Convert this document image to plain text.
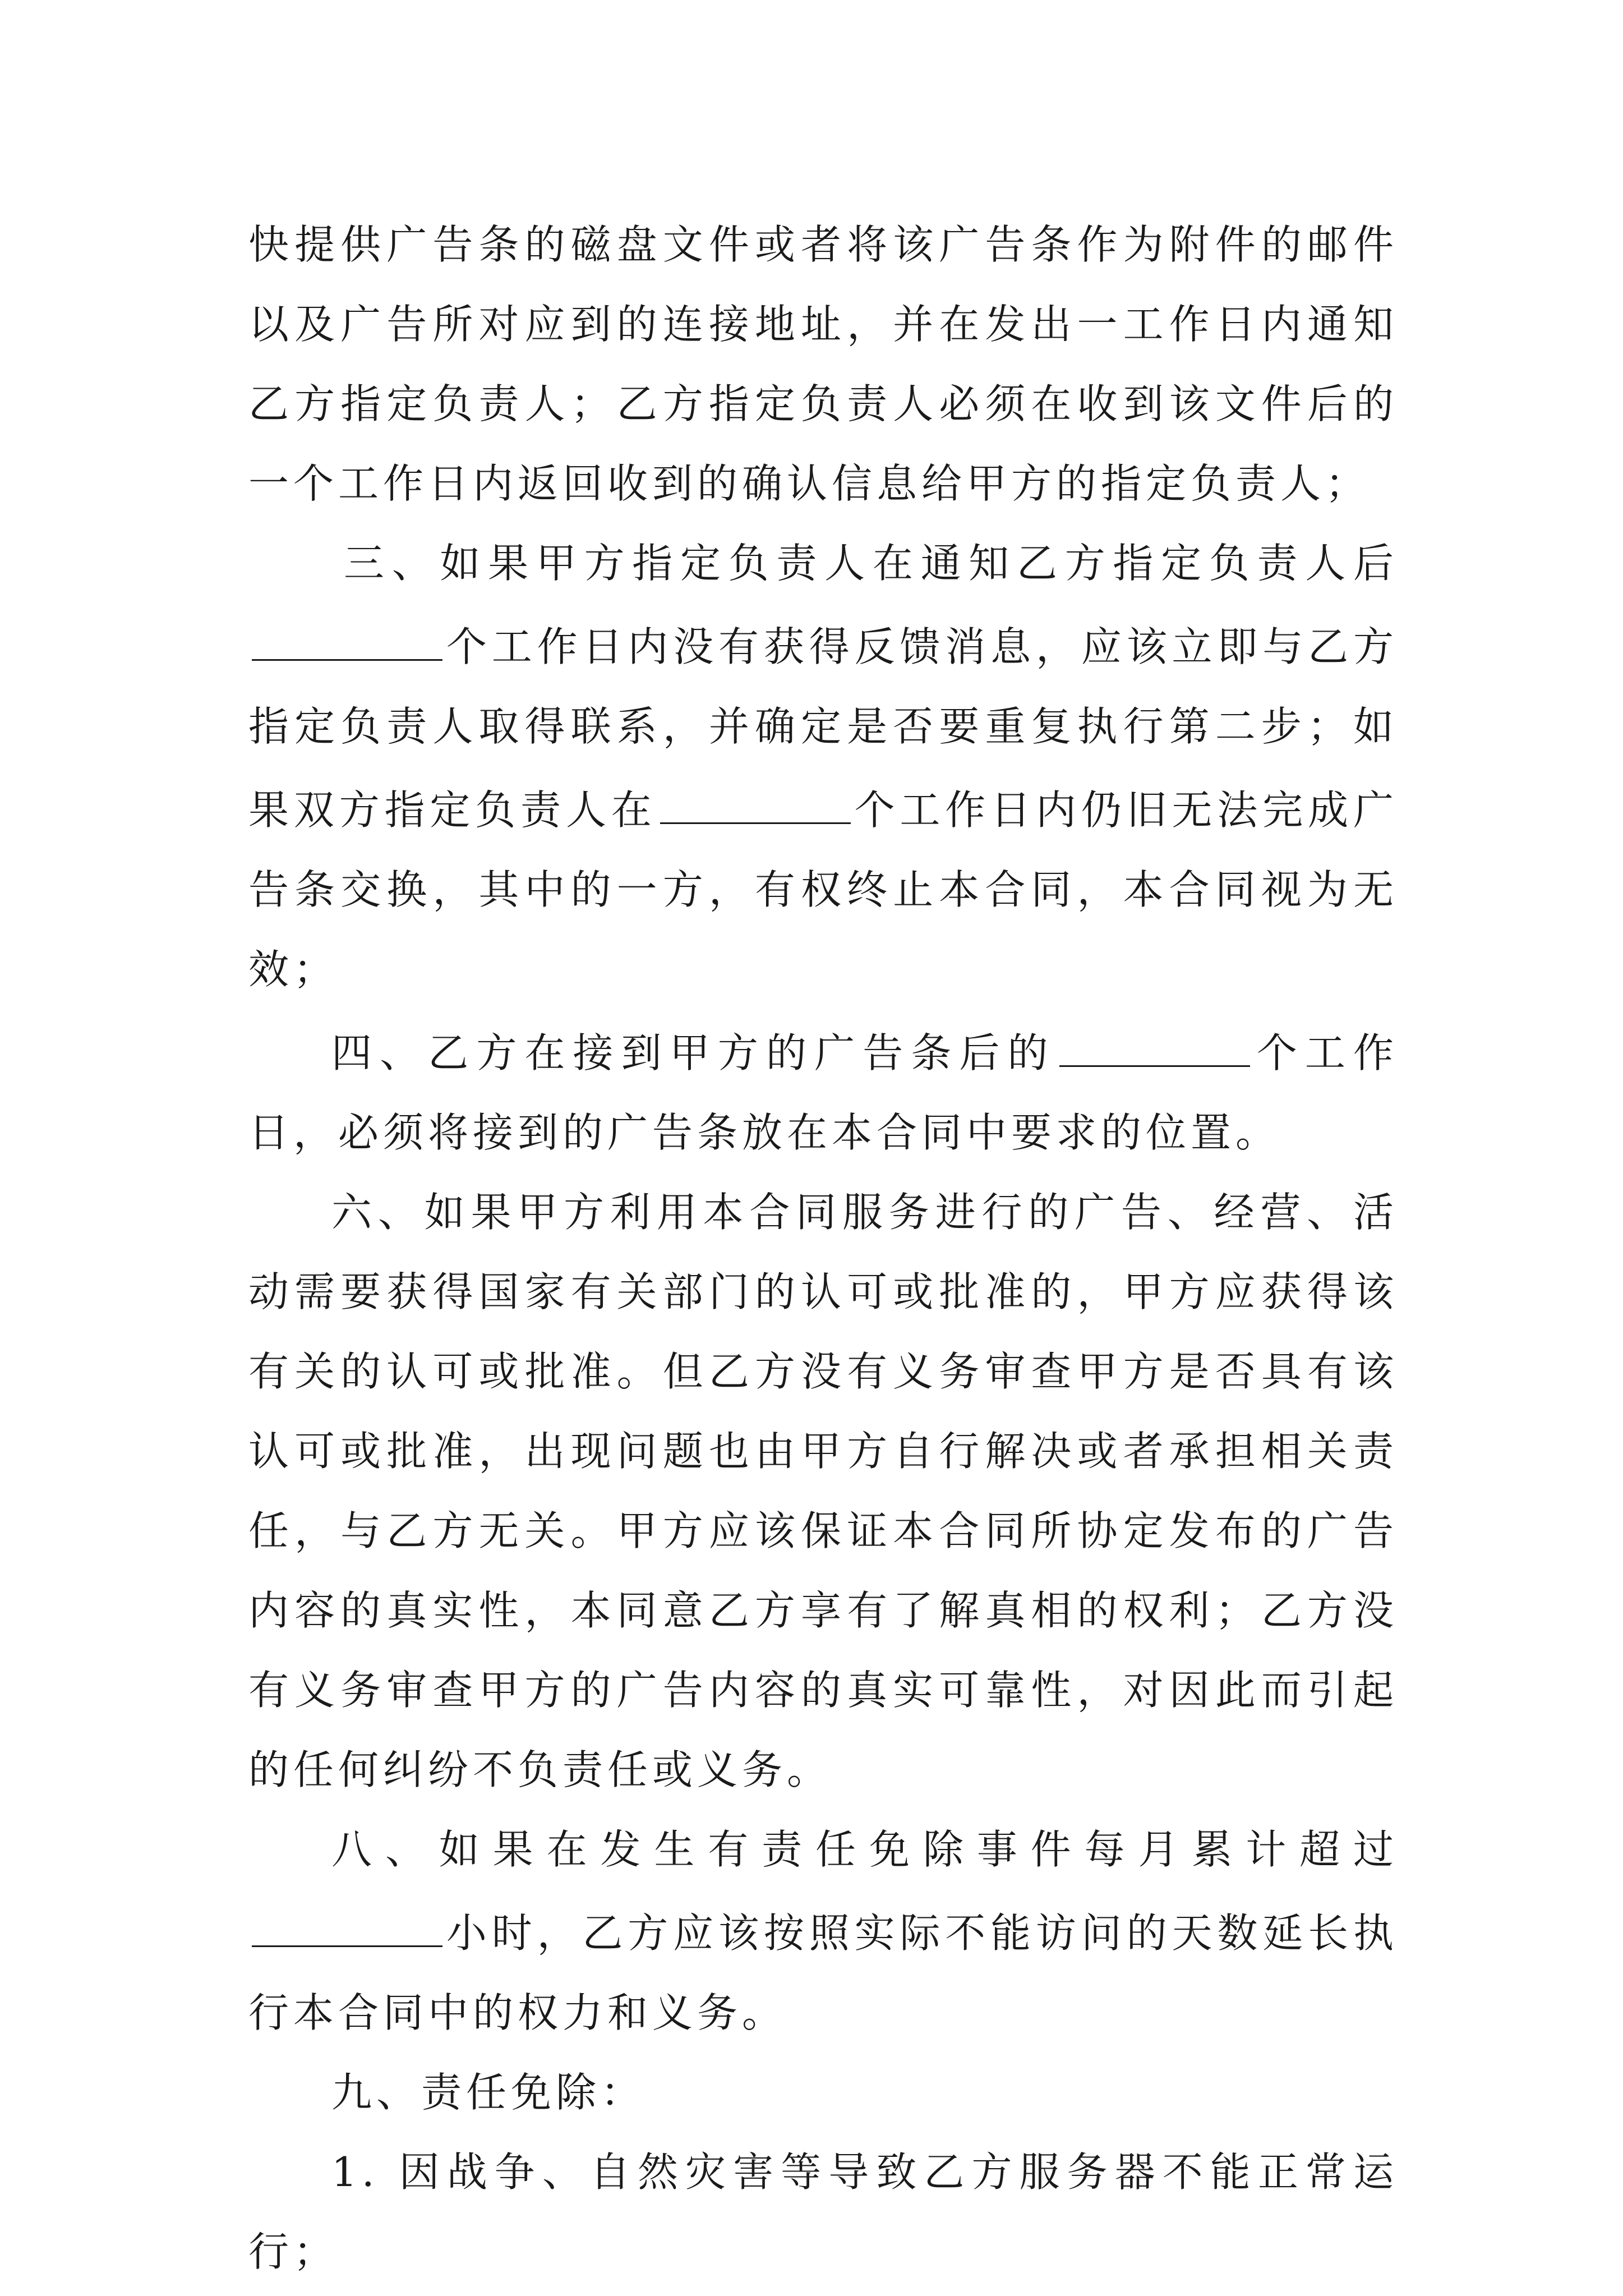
快提供广告条的磁盘文件或者将该广告条作为附件的邮件以及广告所对应到的连接地址，并在发出一工作日内通知乙方指定负责人；乙方指定负责人必须在收到该文件后的一个工作日内返回收到的确认信息给甲方的指定负责人；

三、如果甲方指定负责人在通知乙方指定负责人后个工作日内没有获得反馈消息，应该立即与乙方指定负责人取得联系，并确定是否要重复执行第二步；如果双方指定负责人在	个工作日内仍旧无法完成广告条交换，其中的一方，有权终止本合同，本合同视为无效；

四、乙方在接到甲方的广告条后的	个工作日，必须将接到的广告条放在本合同中要求的位置。

六、如果甲方利用本合同服务进行的广告、经营、活动需要获得国家有关部门的认可或批准的，甲方应获得该有关的认可或批准。但乙方没有义务审查甲方是否具有该认可或批准，出现问题也由甲方自行解决或者承担相关责任，与乙方无关。甲方应该保证本合同所协定发布的广告内容的真实性，本同意乙方享有了解真相的权利；乙方没有义务审查甲方的广告内容的真实可靠性，对因此而引起的任何纠纷不负责任或义务。

八、如果在发生有责任免除事件每月累计超过小时，乙方应该按照实际不能访问的天数延长执行本合同中的权力和义务。

九、责任免除：

1. 因战争、自然灾害等导致乙方服务器不能正常运行；
